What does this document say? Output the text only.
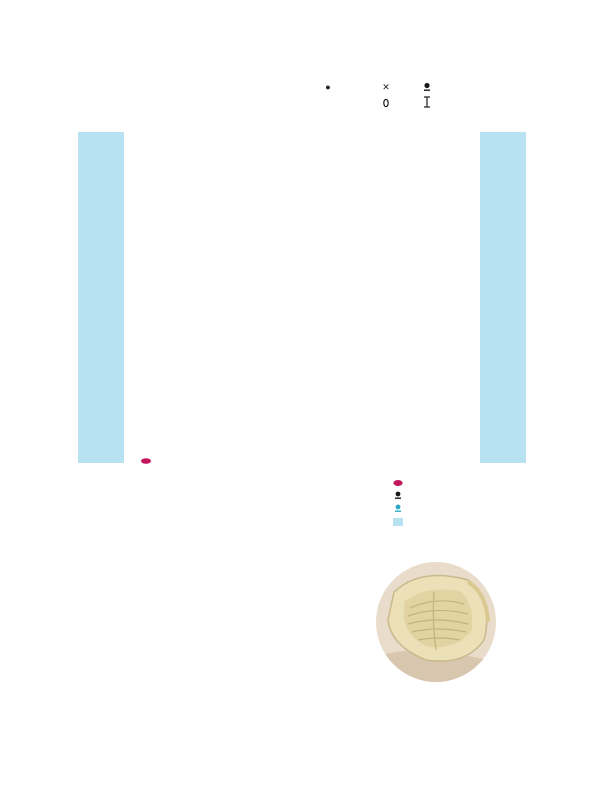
●	✕
